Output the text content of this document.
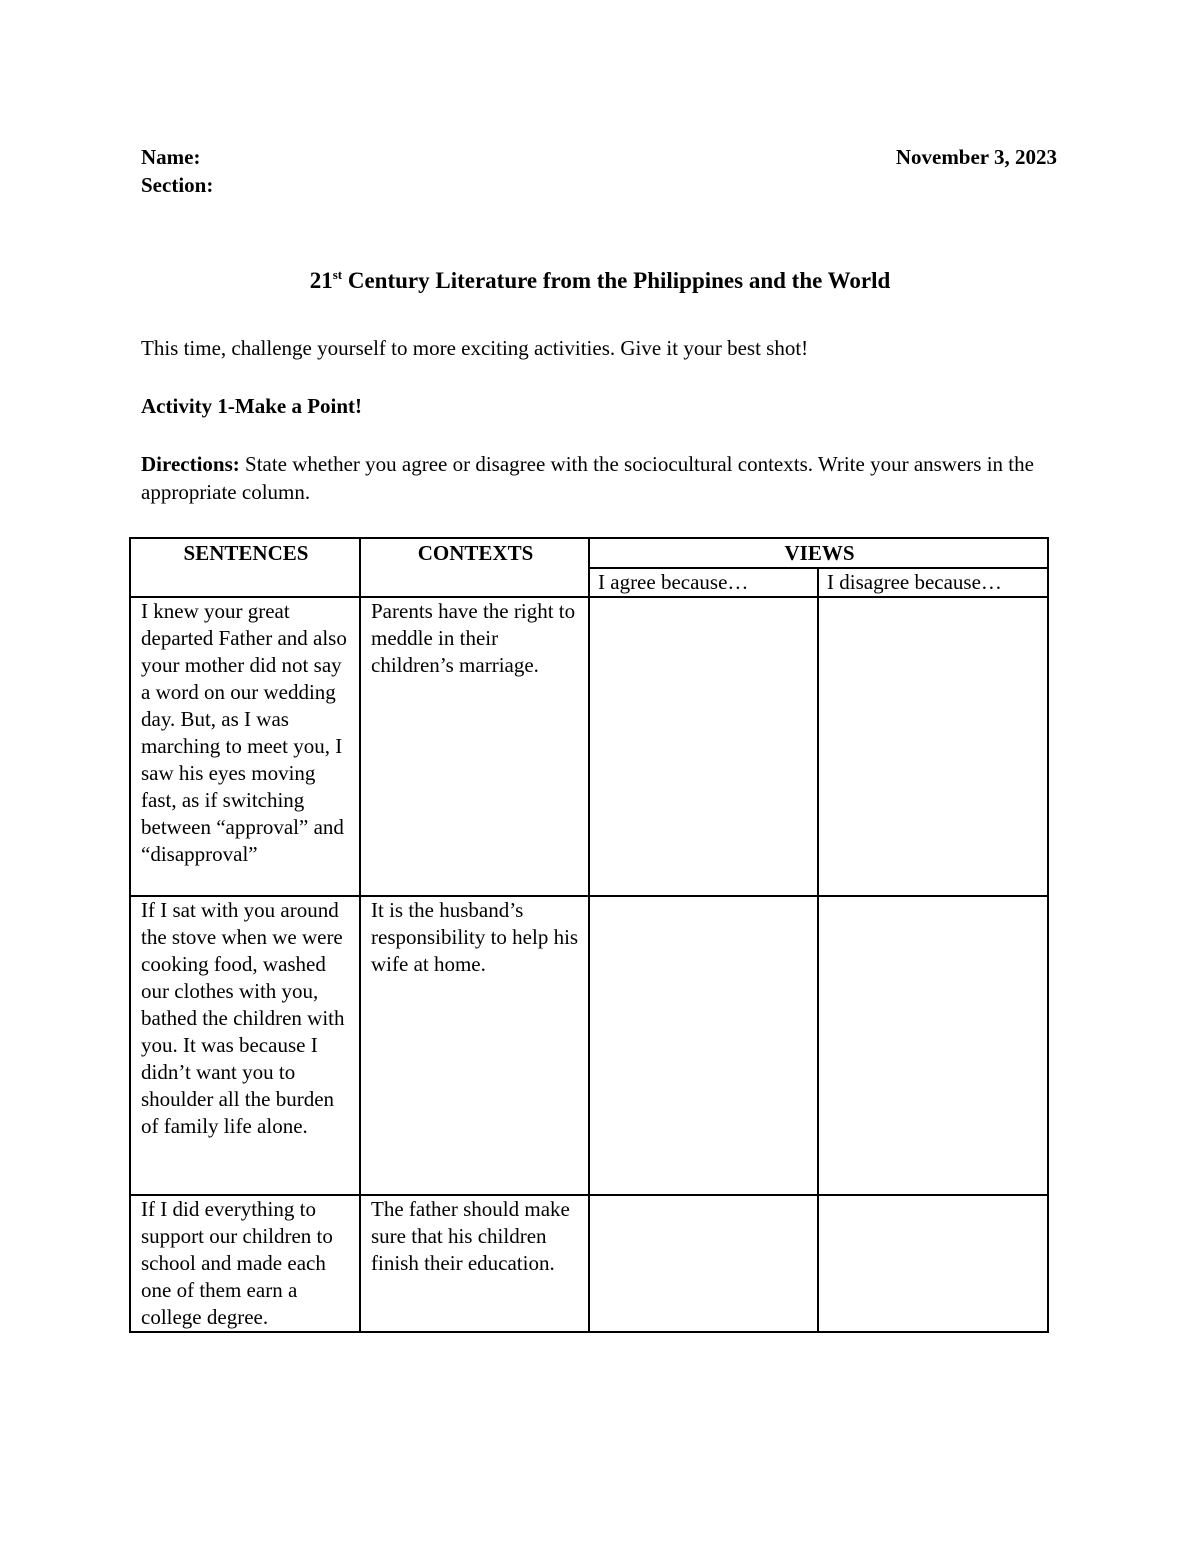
Name:
Section:
November 3, 2023
21st Century Literature from the Philippines and the World
This time, challenge yourself to more exciting activities. Give it your best shot!
Activity 1-Make a Point!
Directions: State whether you agree or disagree with the sociocultural contexts. Write your answers in the appropriate column.
SENTENCES	CONTEXTS	VIEWS	
		I agree because…	I disagree because…
I knew your great departed Father and also your mother did not say a word on our wedding day. But, as I was marching to meet you, I saw his eyes moving fast, as if switching between “approval” and “disapproval”	Parents have the right to meddle in their children’s marriage.		
If I sat with you around the stove when we were cooking food, washed our clothes with you, bathed the children with you. It was because I didn’t want you to shoulder all the burden of family life alone.	It is the husband’s responsibility to help his wife at home.		
If I did everything to support our children to school and made each one of them earn a college degree.	The father should make sure that his children finish their education.		
